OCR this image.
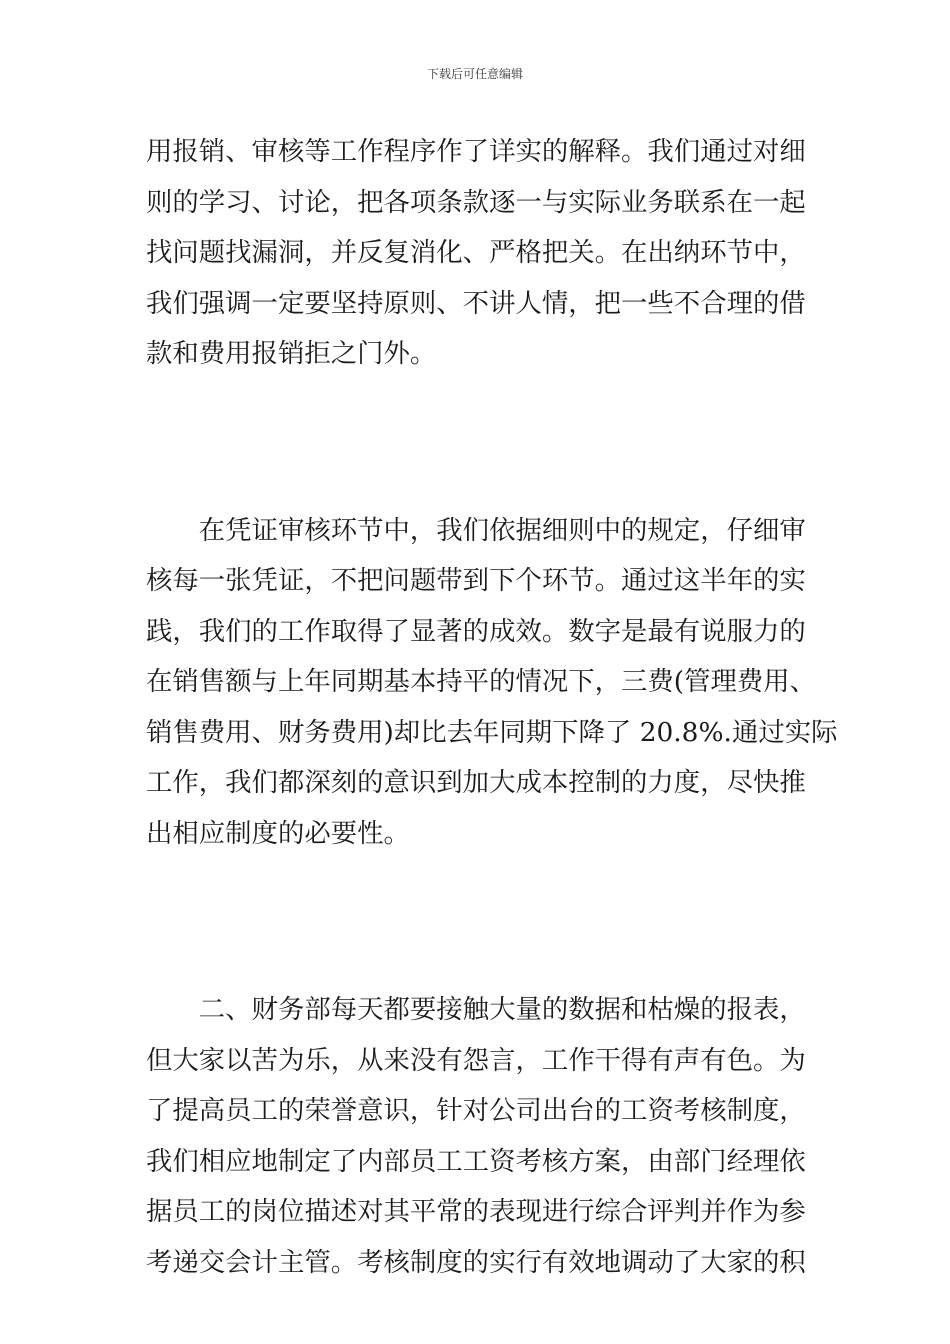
下载后可任意编辑
用报销、审核等工作程序作了详实的解释。我们通过对细
则的学习、讨论，把各项条款逐一与实际业务联系在一起
找问题找漏洞，并反复消化、严格把关。在出纳环节中，
我们强调一定要坚持原则、不讲人情，把一些不合理的借
款和费用报销拒之门外。
　　在凭证审核环节中，我们依据细则中的规定，仔细审
核每一张凭证，不把问题带到下个环节。通过这半年的实
践，我们的工作取得了显著的成效。数字是最有说服力的
在销售额与上年同期基本持平的情况下，三费(管理费用、
销售费用、财务费用)却比去年同期下降了 20.8%.通过实际
工作，我们都深刻的意识到加大成本控制的力度，尽快推
出相应制度的必要性。
　　二、财务部每天都要接触大量的数据和枯燥的报表，
但大家以苦为乐，从来没有怨言，工作干得有声有色。为
了提高员工的荣誉意识，针对公司出台的工资考核制度，
我们相应地制定了内部员工工资考核方案，由部门经理依
据员工的岗位描述对其平常的表现进行综合评判并作为参
考递交会计主管。考核制度的实行有效地调动了大家的积
